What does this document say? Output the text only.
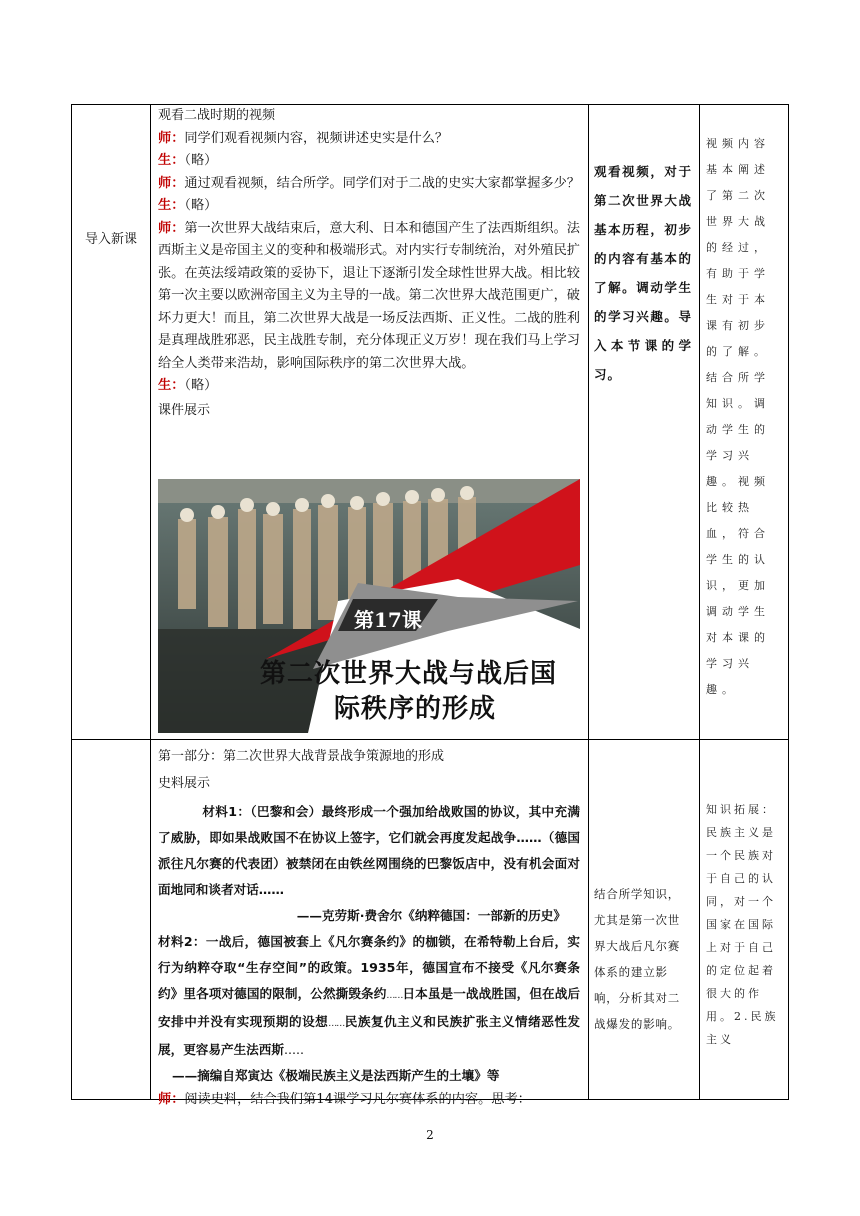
导入新课

观看二战时期的视频

师：同学们观看视频内容，视频讲述史实是什么？

生：（略）

师：通过观看视频，结合所学。同学们对于二战的史实大家都掌握多少？

生：（略）

师：第一次世界大战结束后，意大利、日本和德国产生了法西斯组织。法西斯主义是帝国主义的变种和极端形式。对内实行专制统治，对外殖民扩张。在英法绥靖政策的妥协下，退让下逐渐引发全球性世界大战。相比较第一次主要以欧洲帝国主义为主导的一战。第二次世界大战范围更广，破坏力更大！而且，第二次世界大战是一场反法西斯、正义性。二战的胜利是真理战胜邪恶，民主战胜专制，充分体现正义万岁！现在我们马上学习给全人类带来浩劫，影响国际秩序的第二次世界大战。

生：（略）

课件展示

第17课
第二次世界大战与战后国
际秩序的形成
观看视频，对于第二次世界大战基本历程，初步的内容有基本的了解。调动学生的学习兴趣。导入本节课的学习。
视频内容基本阐述了第二次世界大战的经过，有助于学生对于本课有初步的了解。结合所学知识。调动学生的学习兴趣。视频比较热血，符合学生的认识，更加调动学生对本课的学习兴趣。

第一部分：第二次世界大战背景战争策源地的形成

史料展示

材料1：（巴黎和会）最终形成一个强加给战败国的协议，其中充满了威胁，即如果战败国不在协议上签字，它们就会再度发起战争……（德国派往凡尔赛的代表团）被禁闭在由铁丝网围绕的巴黎饭店中，没有机会面对面地同和谈者对话……

——克劳斯·费舍尔《纳粹德国：一部新的历史》

材料2：一战后，德国被套上《凡尔赛条约》的枷锁，在希特勒上台后，实行为纳粹夺取“生存空间”的政策。1935年，德国宣布不接受《凡尔赛条约》里各项对德国的限制，公然撕毁条约……日本虽是一战战胜国，但在战后安排中并没有实现预期的设想……民族复仇主义和民族扩张主义情绪恶性发展，更容易产生法西斯.....

——摘编自郑寅达《极端民族主义是法西斯产生的土壤》等

师：阅读史料，结合我们第14课学习凡尔赛体系的内容。思考：

结合所学知识，尤其是第一次世界大战后凡尔赛体系的建立影响，分析其对二战爆发的影响。
知识拓展：民族主义是一个民族对于自己的认同，对一个国家在国际上对于自己的定位起着很大的作用。2.民族主义
2
